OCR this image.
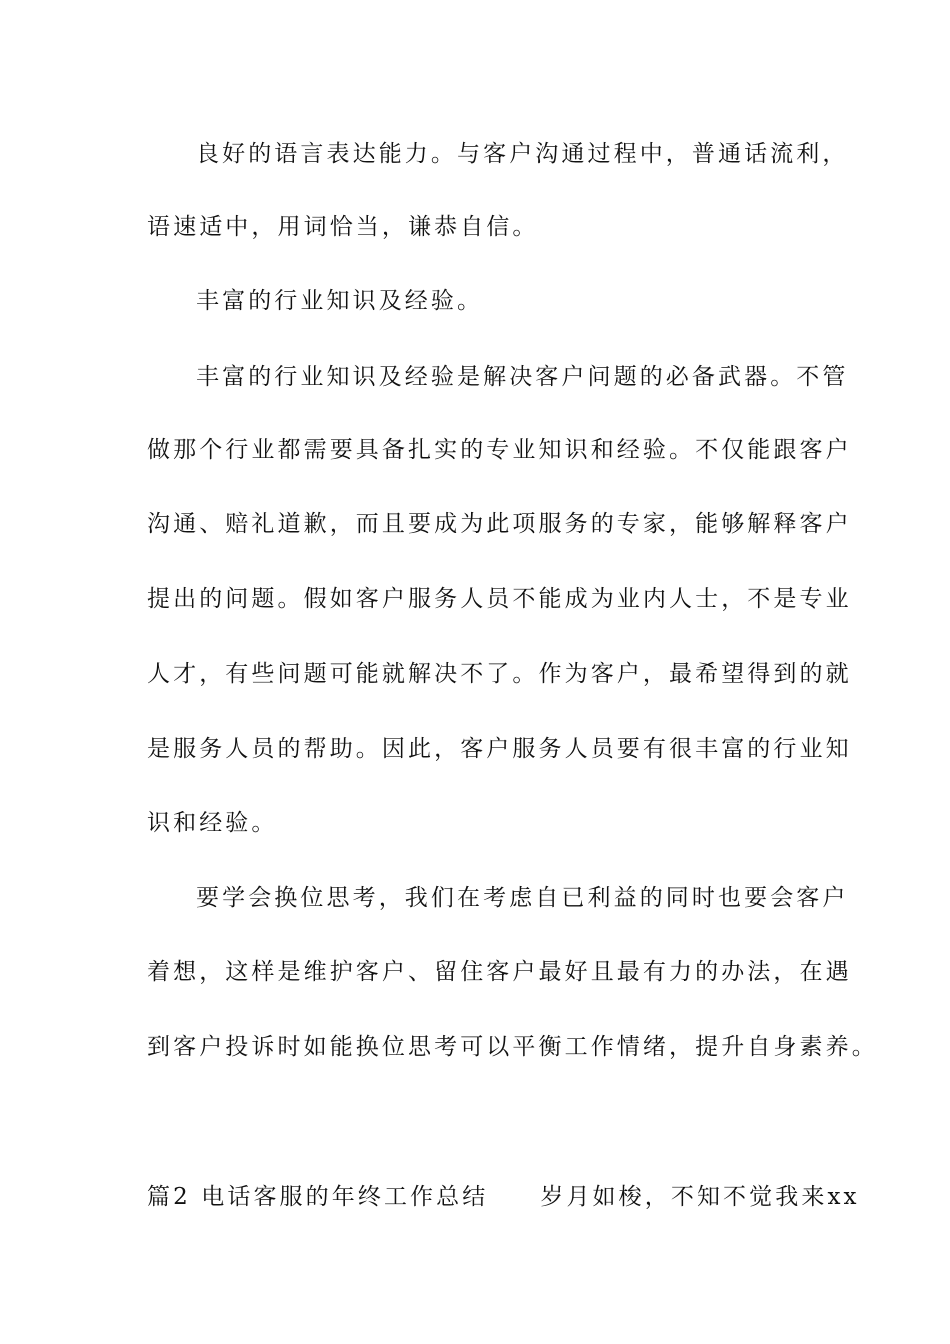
良好的语言表达能力。与客户沟通过程中，普通话流利，
语速适中，用词恰当，谦恭自信。
丰富的行业知识及经验。
丰富的行业知识及经验是解决客户问题的必备武器。不管
做那个行业都需要具备扎实的专业知识和经验。不仅能跟客户
沟通、赔礼道歉，而且要成为此项服务的专家，能够解释客户
提出的问题。假如客户服务人员不能成为业内人士，不是专业
人才，有些问题可能就解决不了。作为客户，最希望得到的就
是服务人员的帮助。因此，客户服务人员要有很丰富的行业知
识和经验。
要学会换位思考，我们在考虑自已利益的同时也要会客户
着想，这样是维护客户、留住客户最好且最有力的办法，在遇
到客户投诉时如能换位思考可以平衡工作情绪，提升自身素养。
篇2 电话客服的年终工作总结 岁月如梭，不知不觉我来xx
